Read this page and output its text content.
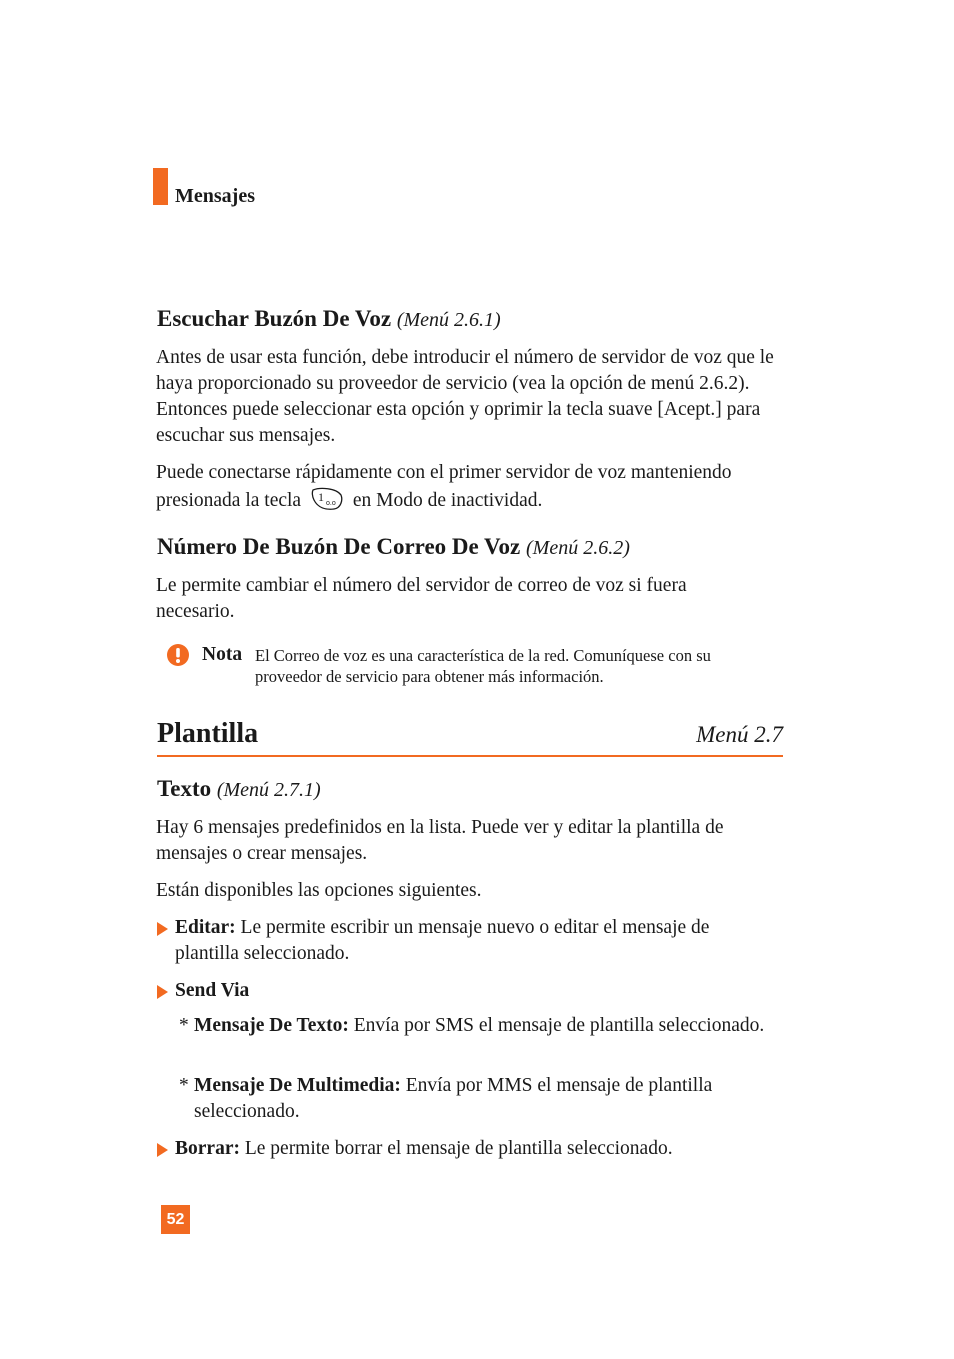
Mensajes
Escuchar Buzón De Voz (Menú 2.6.1)

Antes de usar esta función, debe introducir el número de servidor de voz que le haya proporcionado su proveedor de servicio (vea la opción de menú 2.6.2). Entonces puede seleccionar esta opción y oprimir la tecla suave [Acept.] para escuchar sus mensajes.

Puede conectarse rápidamente con el primer servidor de voz manteniendo presionada la tecla 1 o.o en Modo de inactividad.

Número De Buzón De Correo De Voz (Menú 2.6.2)

Le permite cambiar el número del servidor de correo de voz si fuera necesario.

Nota El Correo de voz es una característica de la red. Comuníquese con su proveedor de servicio para obtener más información.

Plantilla	Menú 2.7
Texto (Menú 2.7.1)

Hay 6 mensajes predefinidos en la lista. Puede ver y editar la plantilla de mensajes o crear mensajes.

Están disponibles las opciones siguientes.

Editar: Le permite escribir un mensaje nuevo o editar el mensaje de plantilla seleccionado.

Send Via

* Mensaje De Texto: Envía por SMS el mensaje de plantilla seleccionado.

* Mensaje De Multimedia: Envía por MMS el mensaje de plantilla seleccionado.

Borrar: Le permite borrar el mensaje de plantilla seleccionado.

52
